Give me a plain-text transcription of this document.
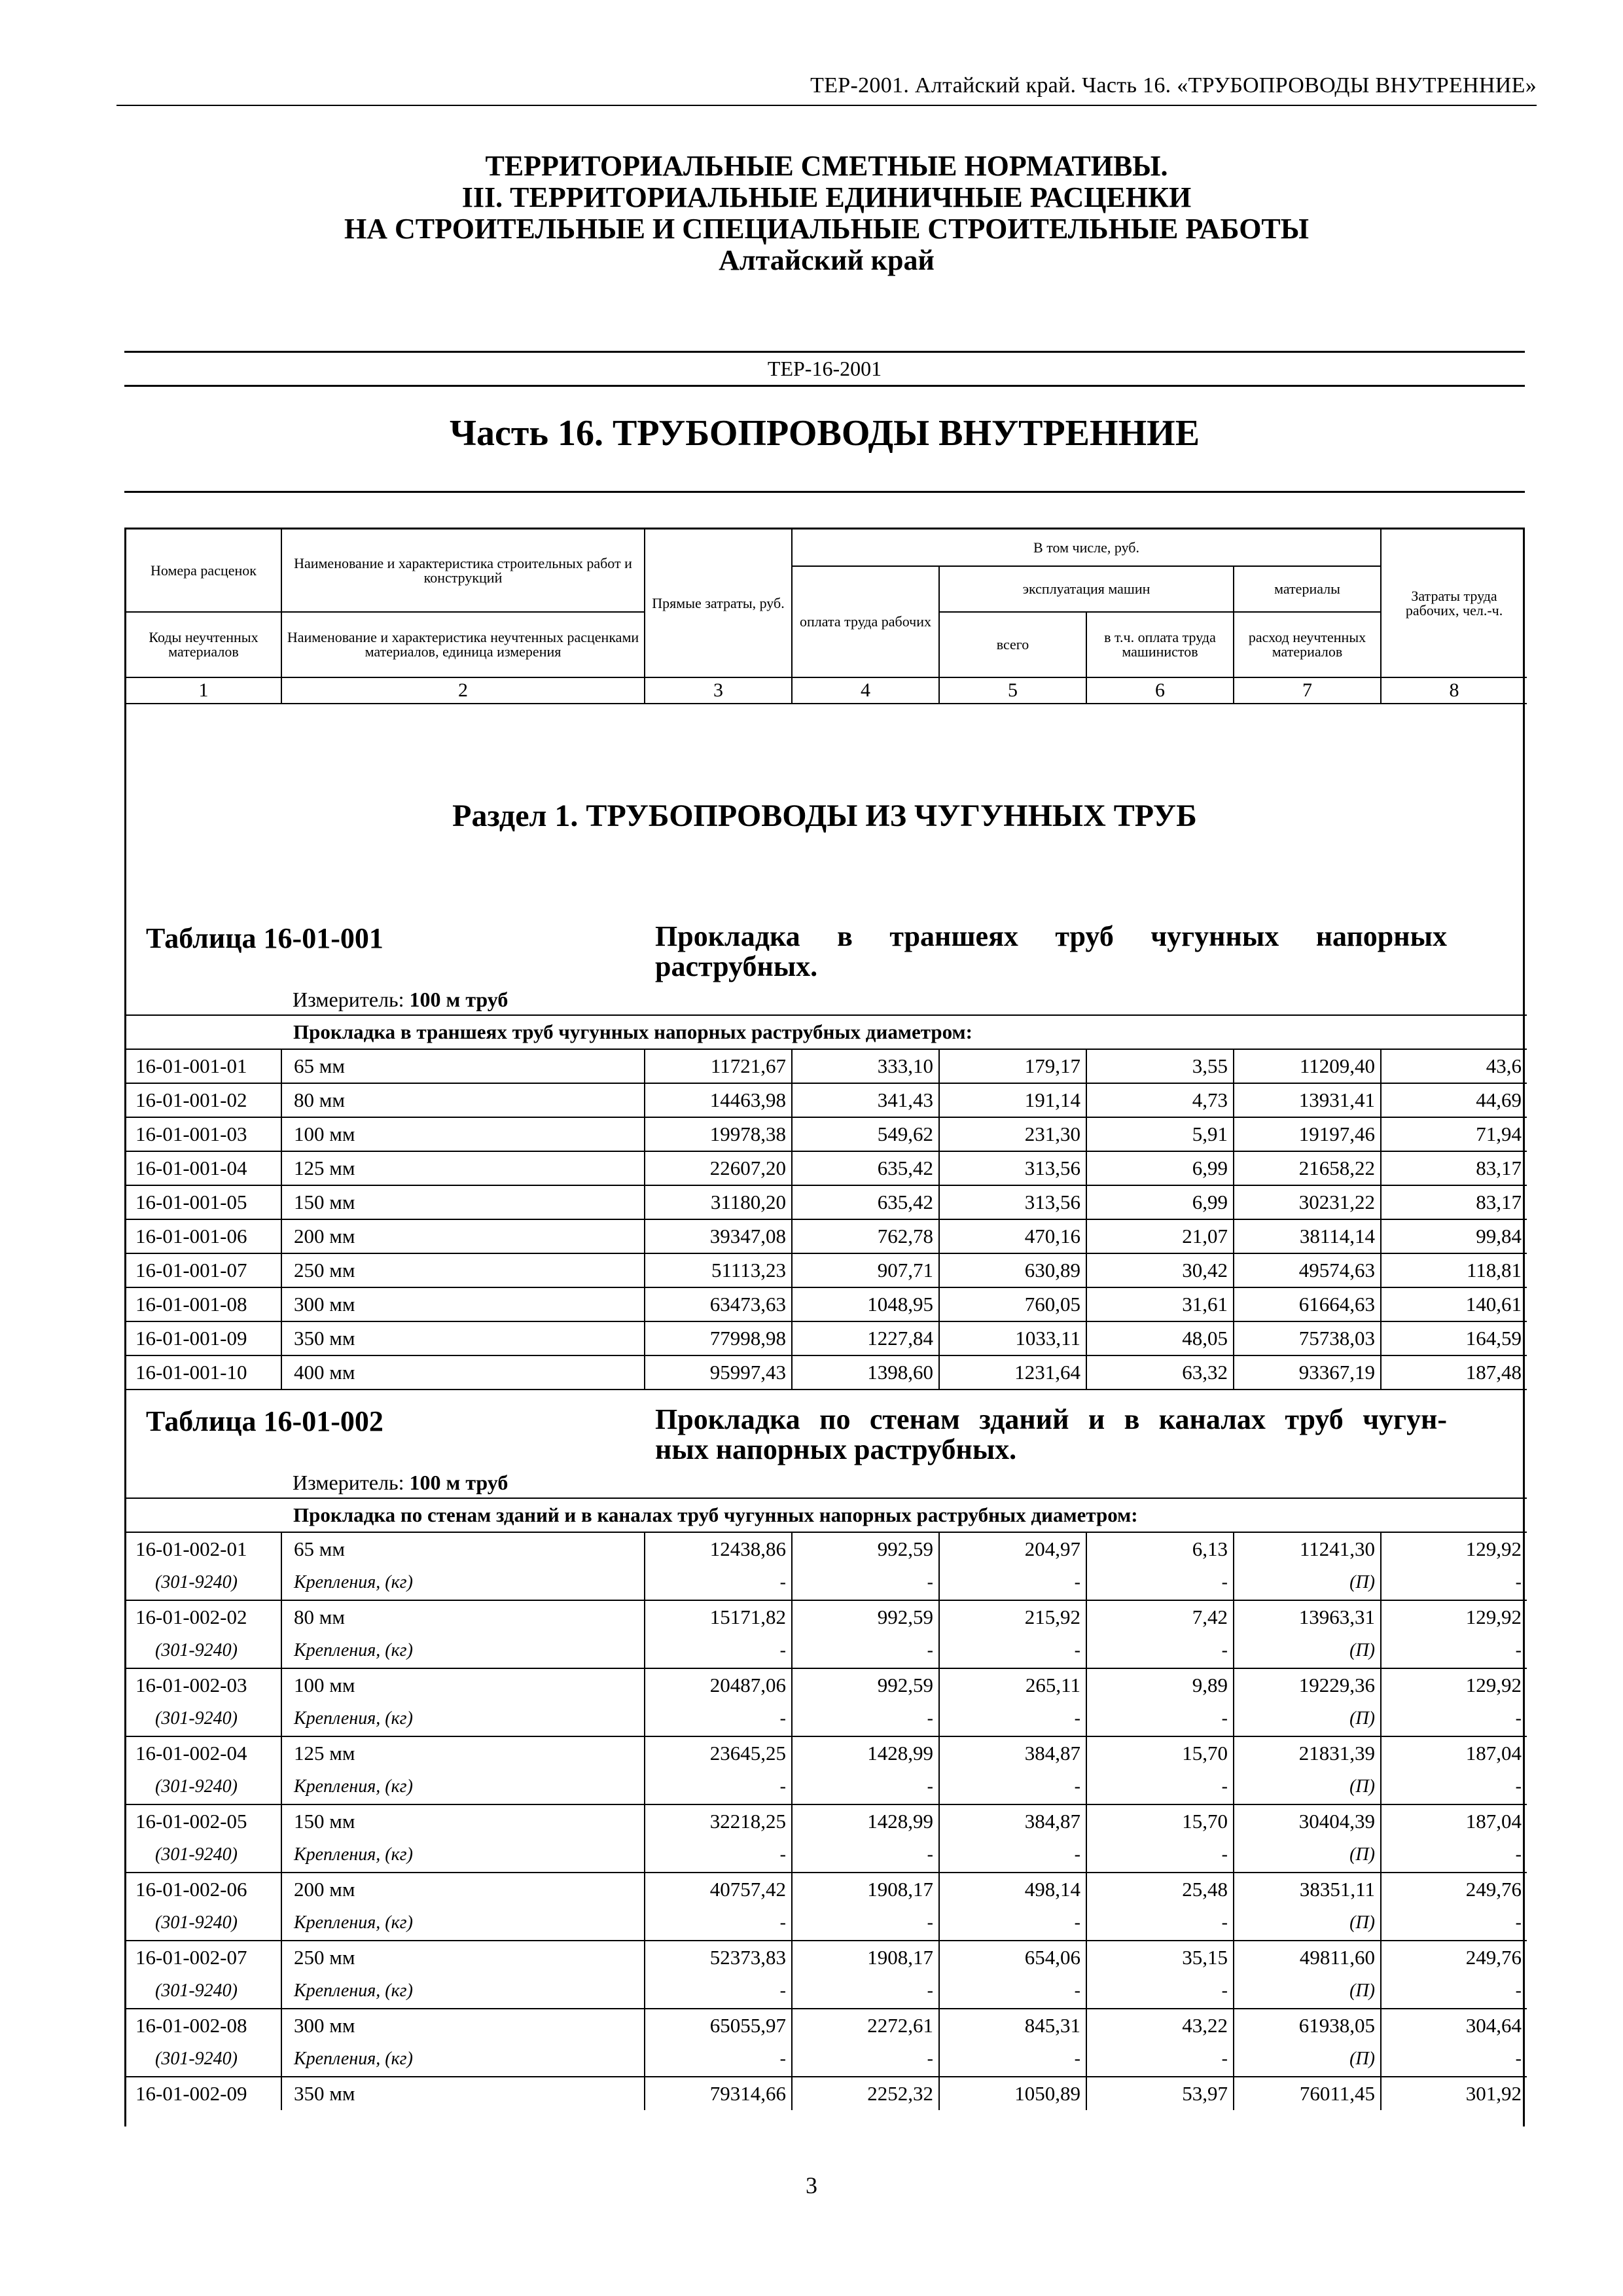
ТЕР-2001. Алтайский край. Часть 16. «ТРУБОПРОВОДЫ ВНУТРЕННИЕ»
ТЕРРИТОРИАЛЬНЫЕ СМЕТНЫЕ НОРМАТИВЫ.
III. ТЕРРИТОРИАЛЬНЫЕ ЕДИНИЧНЫЕ РАСЦЕНКИ
НА СТРОИТЕЛЬНЫЕ И СПЕЦИАЛЬНЫЕ СТРОИТЕЛЬНЫЕ РАБОТЫ
Алтайский край
ТЕР-16-2001
Часть 16. ТРУБОПРОВОДЫ ВНУТРЕННИЕ
Номера расценок	Наименование и характеристика строительных работ и конструкций	Прямые затраты, руб.	В том числе, руб.				Затраты труда рабочих, чел.-ч.
			оплата труда рабочих	эксплуатация машин		материалы	
Коды неучтенных материалов	Наименование и характеристика неучтенных расценками материалов, единица измерения			всего	в т.ч. оплата труда машинистов	расход неучтенных материалов	
1	2	3	4	5	6	7	8
Раздел 1. ТРУБОПРОВОДЫ ИЗ ЧУГУННЫХ ТРУБ
Таблица 16-01-001	Прокладка в траншеях труб чугунных напорных раструбных.
Измеритель: 100 м труб
	Прокладка в траншеях труб чугунных напорных раструбных диаметром:						
16-01-001-01	65 мм	11721,67	333,10	179,17	3,55	11209,40	43,6
16-01-001-02	80 мм	14463,98	341,43	191,14	4,73	13931,41	44,69
16-01-001-03	100 мм	19978,38	549,62	231,30	5,91	19197,46	71,94
16-01-001-04	125 мм	22607,20	635,42	313,56	6,99	21658,22	83,17
16-01-001-05	150 мм	31180,20	635,42	313,56	6,99	30231,22	83,17
16-01-001-06	200 мм	39347,08	762,78	470,16	21,07	38114,14	99,84
16-01-001-07	250 мм	51113,23	907,71	630,89	30,42	49574,63	118,81
16-01-001-08	300 мм	63473,63	1048,95	760,05	31,61	61664,63	140,61
16-01-001-09	350 мм	77998,98	1227,84	1033,11	48,05	75738,03	164,59
16-01-001-10	400 мм	95997,43	1398,60	1231,64	63,32	93367,19	187,48
Таблица 16-01-002	Прокладка по стенам зданий и в каналах труб чугун-
ных напорных раструбных.
Измеритель: 100 м труб
	Прокладка по стенам зданий и в каналах труб чугунных напорных раструбных диаметром:						
16-01-002-01	65 мм	12438,86	992,59	204,97	6,13	11241,30	129,92
(301-9240)	Крепления, (кг)	-	-	-	-	(П)	-
16-01-002-02	80 мм	15171,82	992,59	215,92	7,42	13963,31	129,92
(301-9240)	Крепления, (кг)	-	-	-	-	(П)	-
16-01-002-03	100 мм	20487,06	992,59	265,11	9,89	19229,36	129,92
(301-9240)	Крепления, (кг)	-	-	-	-	(П)	-
16-01-002-04	125 мм	23645,25	1428,99	384,87	15,70	21831,39	187,04
(301-9240)	Крепления, (кг)	-	-	-	-	(П)	-
16-01-002-05	150 мм	32218,25	1428,99	384,87	15,70	30404,39	187,04
(301-9240)	Крепления, (кг)	-	-	-	-	(П)	-
16-01-002-06	200 мм	40757,42	1908,17	498,14	25,48	38351,11	249,76
(301-9240)	Крепления, (кг)	-	-	-	-	(П)	-
16-01-002-07	250 мм	52373,83	1908,17	654,06	35,15	49811,60	249,76
(301-9240)	Крепления, (кг)	-	-	-	-	(П)	-
16-01-002-08	300 мм	65055,97	2272,61	845,31	43,22	61938,05	304,64
(301-9240)	Крепления, (кг)	-	-	-	-	(П)	-
16-01-002-09	350 мм	79314,66	2252,32	1050,89	53,97	76011,45	301,92
3
